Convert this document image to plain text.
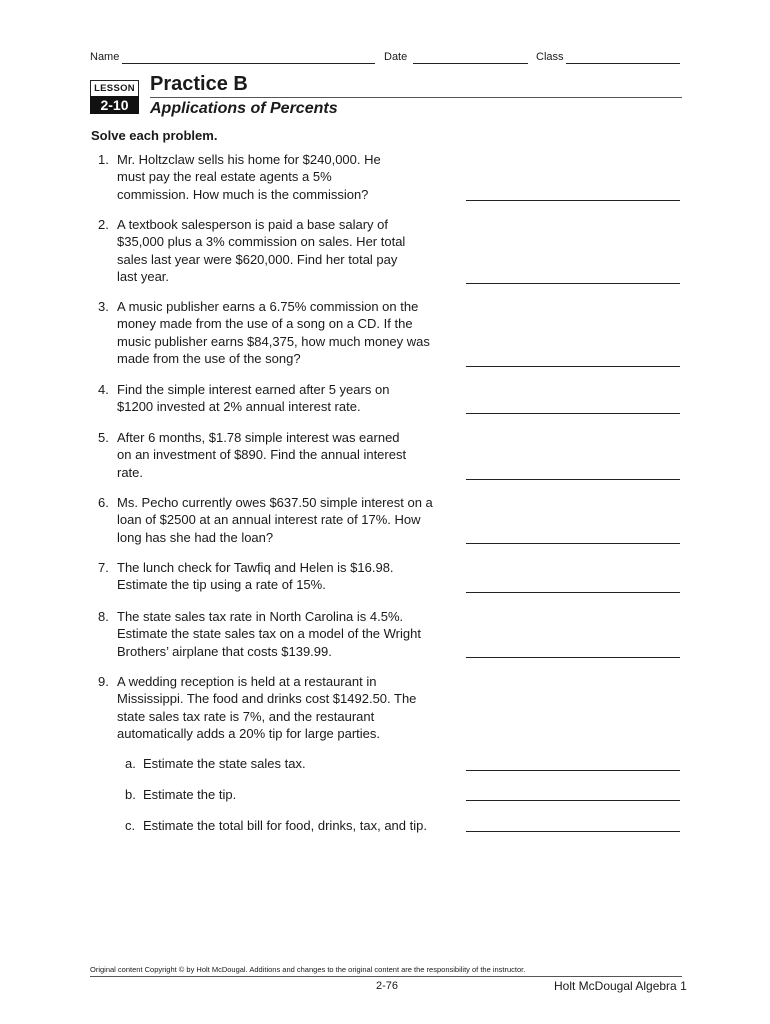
Name	Date	Class
LESSON
2-10
Practice B
Applications of Percents
Solve each problem.
1. Mr. Holtzclaw sells his home for $240,000. He must pay the real estate agents a 5% commission. How much is the commission?
2. A textbook salesperson is paid a base salary of $35,000 plus a 3% commission on sales. Her total sales last year were $620,000. Find her total pay last year.
3. A music publisher earns a 6.75% commission on the money made from the use of a song on a CD. If the music publisher earns $84,375, how much money was made from the use of the song?
4. Find the simple interest earned after 5 years on $1200 invested at 2% annual interest rate.
5. After 6 months, $1.78 simple interest was earned on an investment of $890. Find the annual interest rate.
6. Ms. Pecho currently owes $637.50 simple interest on a loan of $2500 at an annual interest rate of 17%. How long has she had the loan?
7. The lunch check for Tawfiq and Helen is $16.98. Estimate the tip using a rate of 15%.
8. The state sales tax rate in North Carolina is 4.5%. Estimate the state sales tax on a model of the Wright Brothers’ airplane that costs $139.99.
9. A wedding reception is held at a restaurant in Mississippi. The food and drinks cost $1492.50. The state sales tax rate is 7%, and the restaurant automatically adds a 20% tip for large parties.
a. Estimate the state sales tax.
b. Estimate the tip.
c. Estimate the total bill for food, drinks, tax, and tip.
Original content Copyright © by Holt McDougal. Additions and changes to the original content are the responsibility of the instructor.
2-76	Holt McDougal Algebra 1
